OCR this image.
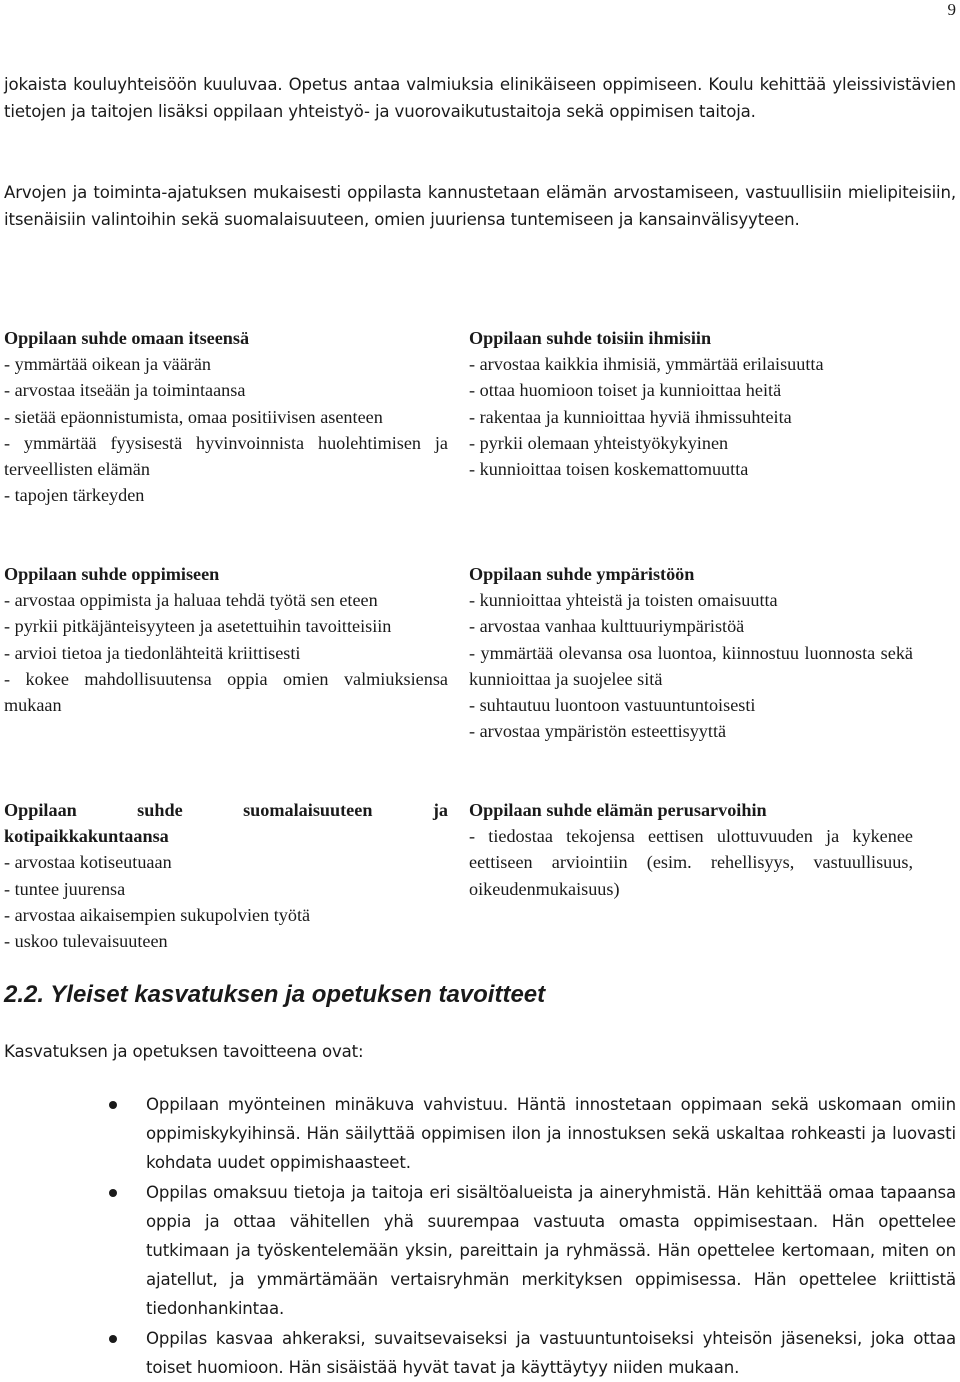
9
jokaista kouluyhteisöön kuuluvaa. Opetus antaa valmiuksia elinikäiseen oppimiseen. Koulu kehittää yleissivistävien tietojen ja taitojen lisäksi oppilaan yhteistyö- ja vuorovaikutustaitoja sekä oppimisen taitoja.
Arvojen ja toiminta-ajatuksen mukaisesti oppilasta kannustetaan elämän arvostamiseen, vastuullisiin mielipiteisiin, itsenäisiin valintoihin sekä suomalaisuuteen, omien juuriensa tuntemiseen ja kansainvälisyyteen.
Oppilaan suhde omaan itseensä
- ymmärtää oikean ja väärän
- arvostaa itseään ja toimintaansa
- sietää epäonnistumista, omaa positiivisen asenteen
- ymmärtää fyysisestä hyvinvoinnista huolehtimisen ja terveellisten elämän
- tapojen tärkeyden
Oppilaan suhde oppimiseen
- arvostaa oppimista ja haluaa tehdä työtä sen eteen
- pyrkii pitkäjänteisyyteen ja asetettuihin tavoitteisiin
- arvioi tietoa ja tiedonlähteitä kriittisesti
- kokee mahdollisuutensa oppia omien valmiuksiensa mukaan
Oppilaan suhde suomalaisuuteen ja kotipaikkakuntaansa
- arvostaa kotiseutuaan
- tuntee juurensa
- arvostaa aikaisempien sukupolvien työtä
- uskoo tulevaisuuteen
Oppilaan suhde toisiin ihmisiin
- arvostaa kaikkia ihmisiä, ymmärtää erilaisuutta
- ottaa huomioon toiset ja kunnioittaa heitä
- rakentaa ja kunnioittaa hyviä ihmissuhteita
- pyrkii olemaan yhteistyökykyinen
- kunnioittaa toisen koskemattomuutta
Oppilaan suhde ympäristöön
- kunnioittaa yhteistä ja toisten omaisuutta
- arvostaa vanhaa kulttuuriympäristöä
- ymmärtää olevansa osa luontoa, kiinnostuu luonnosta sekä kunnioittaa ja suojelee sitä
- suhtautuu luontoon vastuuntuntoisesti
- arvostaa ympäristön esteettisyyttä
Oppilaan suhde elämän perusarvoihin
- tiedostaa tekojensa eettisen ulottuvuuden ja kykenee eettiseen arviointiin (esim. rehellisyys, vastuullisuus, oikeudenmukaisuus)
2.2. Yleiset kasvatuksen ja opetuksen tavoitteet
Kasvatuksen ja opetuksen tavoitteena ovat:
Oppilaan myönteinen minäkuva vahvistuu. Häntä innostetaan oppimaan sekä uskomaan omiin oppimiskykyihinsä. Hän säilyttää oppimisen ilon ja innostuksen sekä uskaltaa rohkeasti ja luovasti kohdata uudet oppimishaasteet.
Oppilas omaksuu tietoja ja taitoja eri sisältöalueista ja aineryhmistä. Hän kehittää omaa tapaansa oppia ja ottaa vähitellen yhä suurempaa vastuuta omasta oppimisestaan. Hän opettelee tutkimaan ja työskentelemään yksin, pareittain ja ryhmässä. Hän opettelee kertomaan, miten on ajatellut, ja ymmärtämään vertaisryhmän merkityksen oppimisessa. Hän opettelee kriittistä tiedonhankintaa.
Oppilas kasvaa ahkeraksi, suvaitsevaiseksi ja vastuuntuntoiseksi yhteisön jäseneksi, joka ottaa toiset huomioon. Hän sisäistää hyvät tavat ja käyttäytyy niiden mukaan.
